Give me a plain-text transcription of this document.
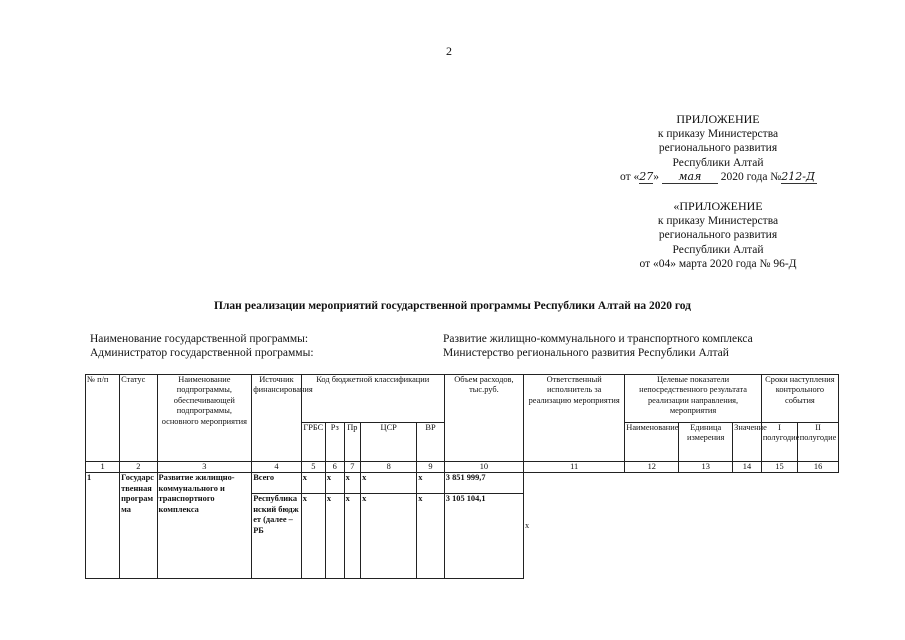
2
ПРИЛОЖЕНИЕ
к приказу Министерства
регионального развития
Республики Алтай
от «27» мая 2020 года №212-Д
«ПРИЛОЖЕНИЕ
к приказу Министерства
регионального развития
Республики Алтай
от «04» марта 2020 года № 96-Д
План реализации мероприятий государственной программы Республики Алтай на 2020 год
Наименование государственной программы:	Развитие жилищно-коммунального и транспортного комплекса
Администратор государственной программы:	Министерство регионального развития Республики Алтай
№ п/п	Статус	Наименование подпрограммы, обеспечивающей подпрограммы, основного мероприятия	Источник финансирования	Код бюджетной классификации					Объем расходов, тыс.руб.	Ответственный исполнитель за реализацию мероприятия	Целевые показатели непосредственного результата реализации направления, мероприятия			Сроки наступления контрольного события	
				ГРБС	Рз	Пр	ЦСР	ВР			Наименование	Единица измерения	Значение	I полугодие	II полугодие
1	2	3	4	5	6	7	8	9	10	11	12	13	14	15	16
1	Государственная программа	Развитие жилищно-коммунального и транспортного комплекса	Всего	х	х	х	х	х	3 851 999,7	х					
			Республиканский бюджет (далее – РБ	х	х	х	х	х	3 105 104,1						
